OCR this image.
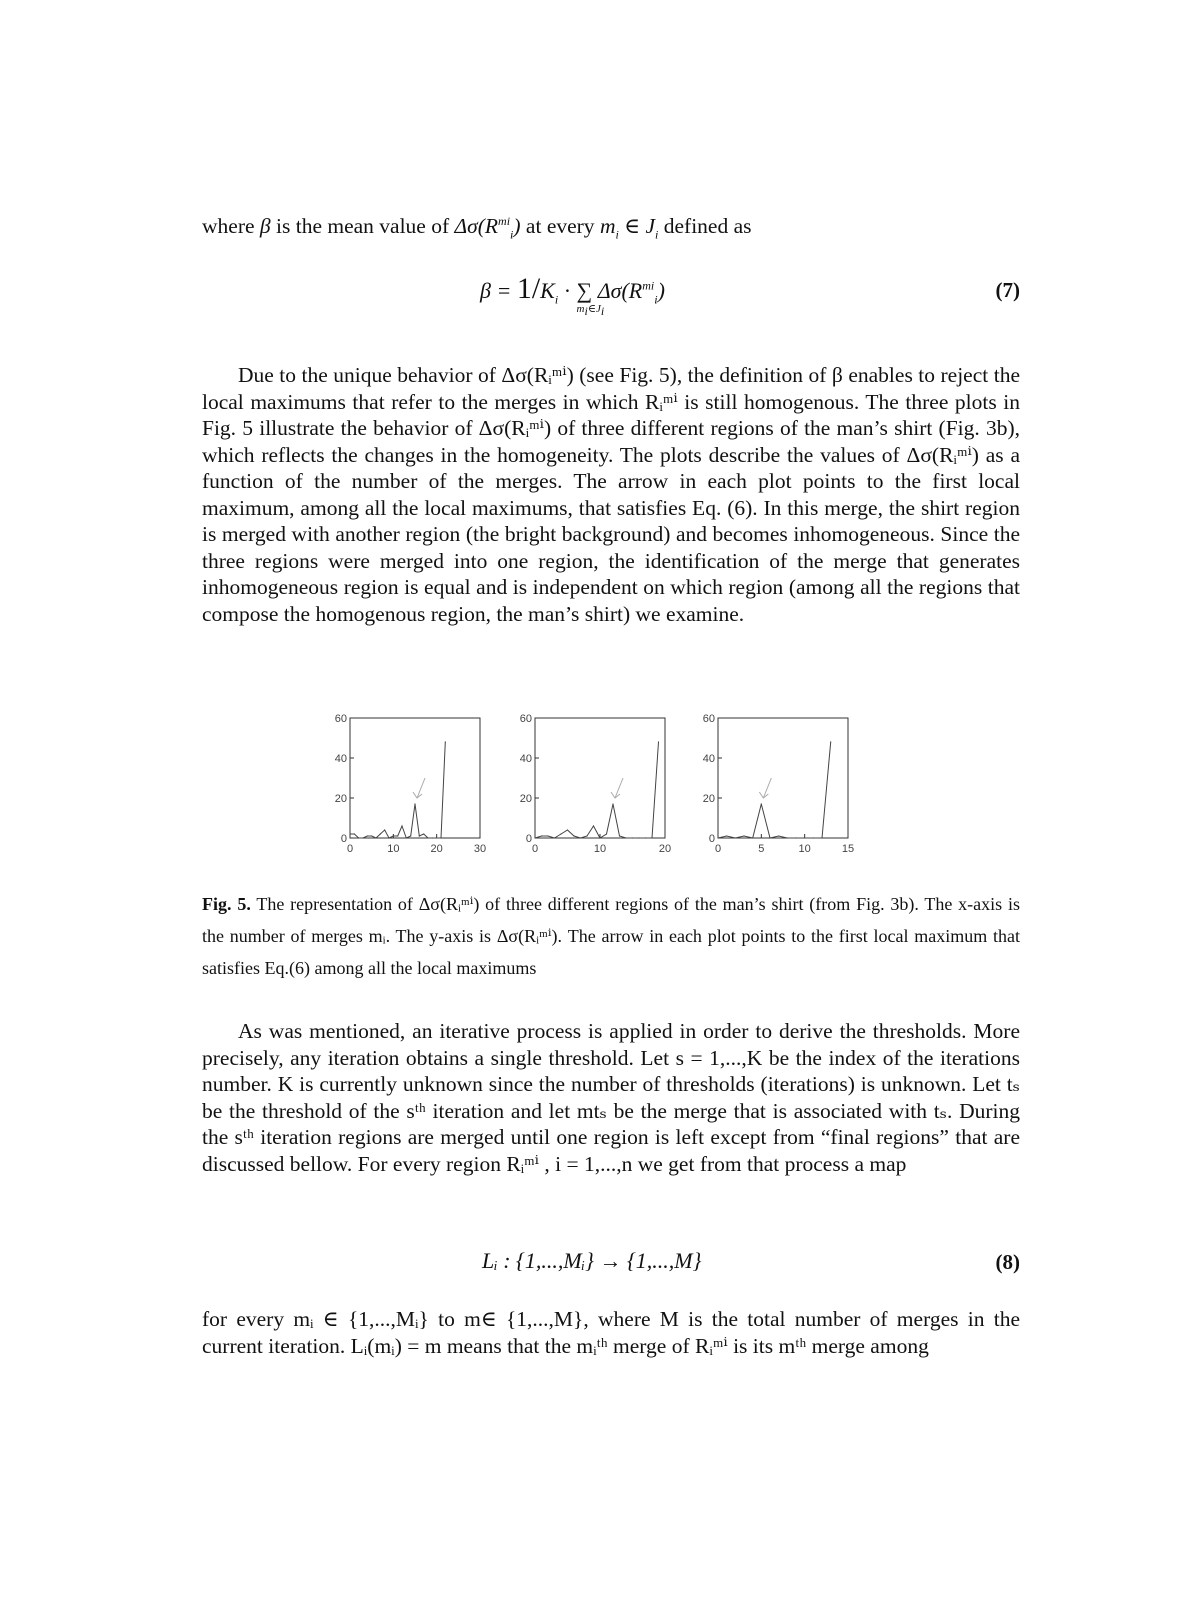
where β is the mean value of $\Delta\sigma(R^{mi}_i)$ at every $m_i$ ∈ $J_i$ defined as
$\beta = 1/K_i$ · ∑
$m_i\in J_i$
$\Delta\sigma(R^{mi}_i)$	(7)
Due to the unique behavior of Δσ(Rᵢᵐⁱ) (see Fig. 5), the definition of β enables to reject the local maximums that refer to the merges in which Rᵢᵐⁱ is still homogenous. The three plots in Fig. 5 illustrate the behavior of Δσ(Rᵢᵐⁱ) of three different regions of the man’s shirt (Fig. 3b), which reflects the changes in the homogeneity. The plots describe the values of Δσ(Rᵢᵐⁱ) as a function of the number of the merges. The arrow in each plot points to the first local maximum, among all the local maximums, that satisfies Eq. (6). In this merge, the shirt region is merged with another region (the bright background) and becomes inhomogeneous. Since the three regions were merged into one region, the identification of the merge that generates inhomogeneous region is equal and is independent on which region (among all the regions that compose the homogenous region, the man’s shirt) we examine.
0
20
40
60
0	10	20	30
0
20
40
60
0	10	20
0
20
40
60
0	5	10	15
Fig. 5. The representation of Δσ(Rᵢᵐⁱ) of three different regions of the man’s shirt (from Fig. 3b). The x-axis is the number of merges mᵢ. The y-axis is Δσ(Rᵢᵐⁱ). The arrow in each plot points to the first local maximum that satisfies Eq.(6) among all the local maximums
As was mentioned, an iterative process is applied in order to derive the thresholds. More precisely, any iteration obtains a single threshold. Let s = 1,...,K be the index of the iterations number. K is currently unknown since the number of thresholds (iterations) is unknown. Let tₛ be the threshold of the sᵗʰ iteration and let mtₛ be the merge that is associated with tₛ. During the sᵗʰ iteration regions are merged until one region is left except from “final regions” that are discussed bellow. For every region Rᵢᵐⁱ , i = 1,...,n we get from that process a map
Lᵢ : {1,...,Mᵢ} → {1,...,M}	(8)
for every mᵢ ∈ {1,...,Mᵢ} to m∈ {1,...,M}, where M is the total number of merges in the current iteration. Lᵢ(mᵢ) = m means that the mᵢᵗʰ merge of Rᵢᵐⁱ is its mᵗʰ merge among
